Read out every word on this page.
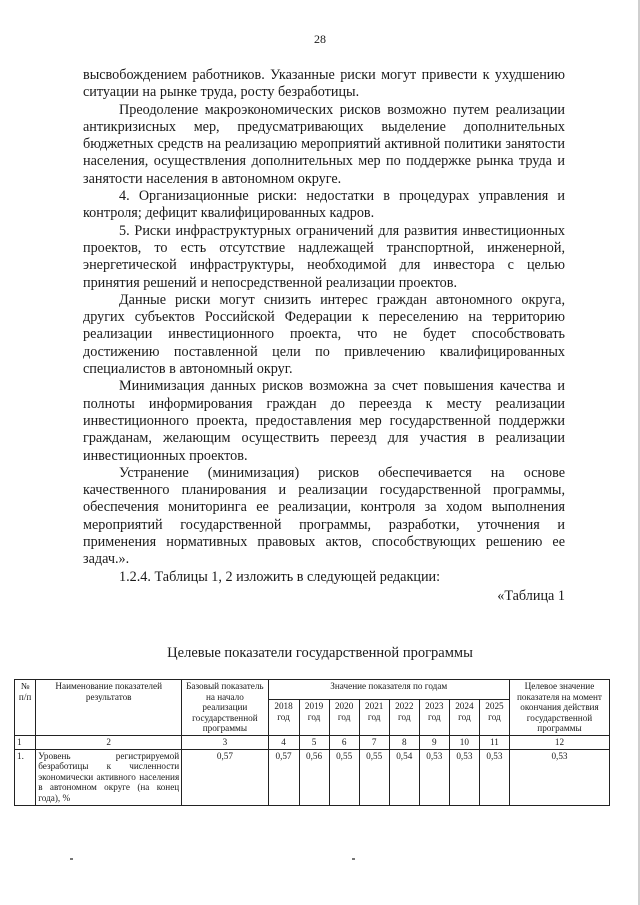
28

высвобождением работников. Указанные риски могут привести к ухудшению ситуации на рынке труда, росту безработицы.

Преодоление макроэкономических рисков возможно путем реализации антикризисных мер, предусматривающих выделение дополнительных бюджетных средств на реализацию мероприятий активной политики занятости населения, осуществления дополнительных мер по поддержке рынка труда и занятости населения в автономном округе.

4. Организационные риски: недостатки в процедурах управления и контроля; дефицит квалифицированных кадров.

5. Риски инфраструктурных ограничений для развития инвестиционных проектов, то есть отсутствие надлежащей транспортной, инженерной, энергетической инфраструктуры, необходимой для инвестора с целью принятия решений и непосредственной реализации проектов.

Данные риски могут снизить интерес граждан автономного округа, других субъектов Российской Федерации к переселению на территорию реализации инвестиционного проекта, что не будет способствовать достижению поставленной цели по привлечению квалифицированных специалистов в автономный округ.

Минимизация данных рисков возможна за счет повышения качества и полноты информирования граждан до переезда к месту реализации инвестиционного проекта, предоставления мер государственной поддержки гражданам, желающим осуществить переезд для участия в реализации инвестиционных проектов.

Устранение (минимизация) рисков обеспечивается на основе качественного планирования и реализации государственной программы, обеспечения мониторинга ее реализации, контроля за ходом выполнения мероприятий государственной программы, разработки, уточнения и применения нормативных правовых актов, способствующих решению ее задач.».

1.2.4. Таблицы 1, 2 изложить в следующей редакции:

«Таблица 1
Целевые показатели государственной программы
№ п/п	Наименование показателей результатов	Базовый показатель на начало реализации государственной программы	Значение показателя по годам								Целевое значение показателя на момент окончания действия государственной программы
			2018 год	2019 год	2020 год	2021 год	2022 год	2023 год	2024 год	2025 год	
1	2	3	4	5	6	7	8	9	10	11	12
1.	Уровень регистрируемой безработицы к численности экономически активного населения в автономном округе (на конец года), %	0,57	0,57	0,56	0,55	0,55	0,54	0,53	0,53	0,53	0,53
